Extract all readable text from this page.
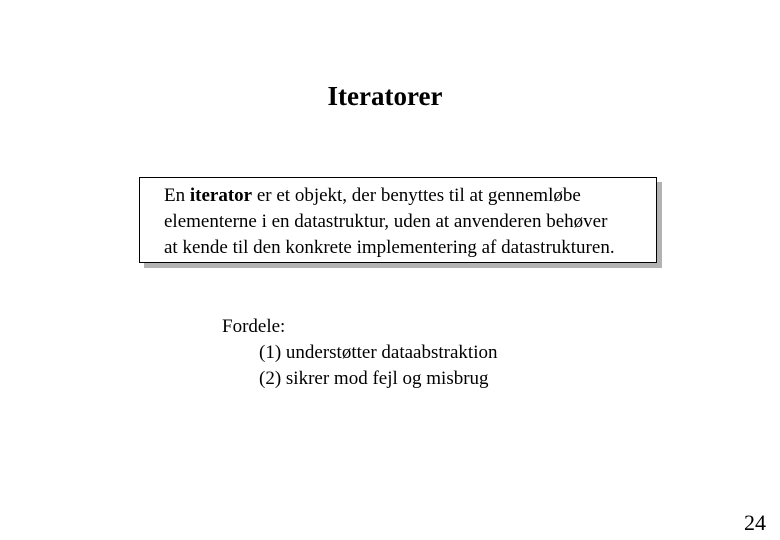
Iteratorer
En iterator er et objekt, der benyttes til at gennemløbe
elementerne i en datastruktur, uden at anvenderen behøver
at kende til den konkrete implementering af datastrukturen.
Fordele:
(1) understøtter dataabstraktion
(2) sikrer mod fejl og misbrug
24
